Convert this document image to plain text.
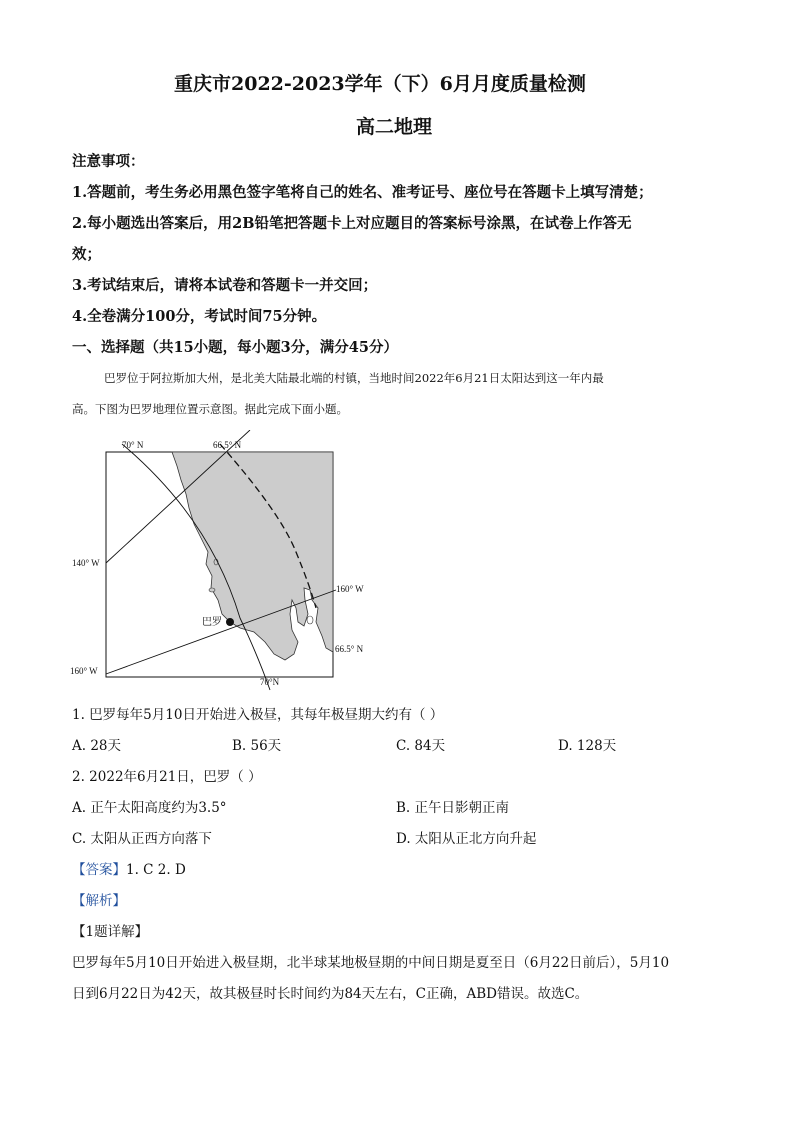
重庆市2022-2023学年（下）6月月度质量检测
高二地理
注意事项：
1.答题前，考生务必用黑色签字笔将自己的姓名、准考证号、座位号在答题卡上填写清楚；
2.每小题选出答案后，用2B铅笔把答题卡上对应题目的答案标号涂黑，在试卷上作答无
效；
3.考试结束后，请将本试卷和答题卡一并交回；
4.全卷满分100分，考试时间75分钟。
一、选择题（共15小题，每小题3分，满分45分）
巴罗位于阿拉斯加大州，是北美大陆最北端的村镇，当地时间2022年6月21日太阳达到这一年内最
高。下图为巴罗地理位置示意图。据此完成下面小题。
70° N	66.5° N
140° W
160° W
巴罗
66.5° N
160° W
70°N
1. 巴罗每年5月10日开始进入极昼，其每年极昼期大约有（ ）
A. 28天	B. 56天	C. 84天	D. 128天
2. 2022年6月21日，巴罗（ ）
A. 正午太阳高度约为3.5°	B. 正午日影朝正南
C. 太阳从正西方向落下	D. 太阳从正北方向升起
【答案】1. C 2. D
【解析】
【1题详解】
巴罗每年5月10日开始进入极昼期，北半球某地极昼期的中间日期是夏至日（6月22日前后），5月10
日到6月22日为42天，故其极昼时长时间约为84天左右，C正确，ABD错误。故选C。
